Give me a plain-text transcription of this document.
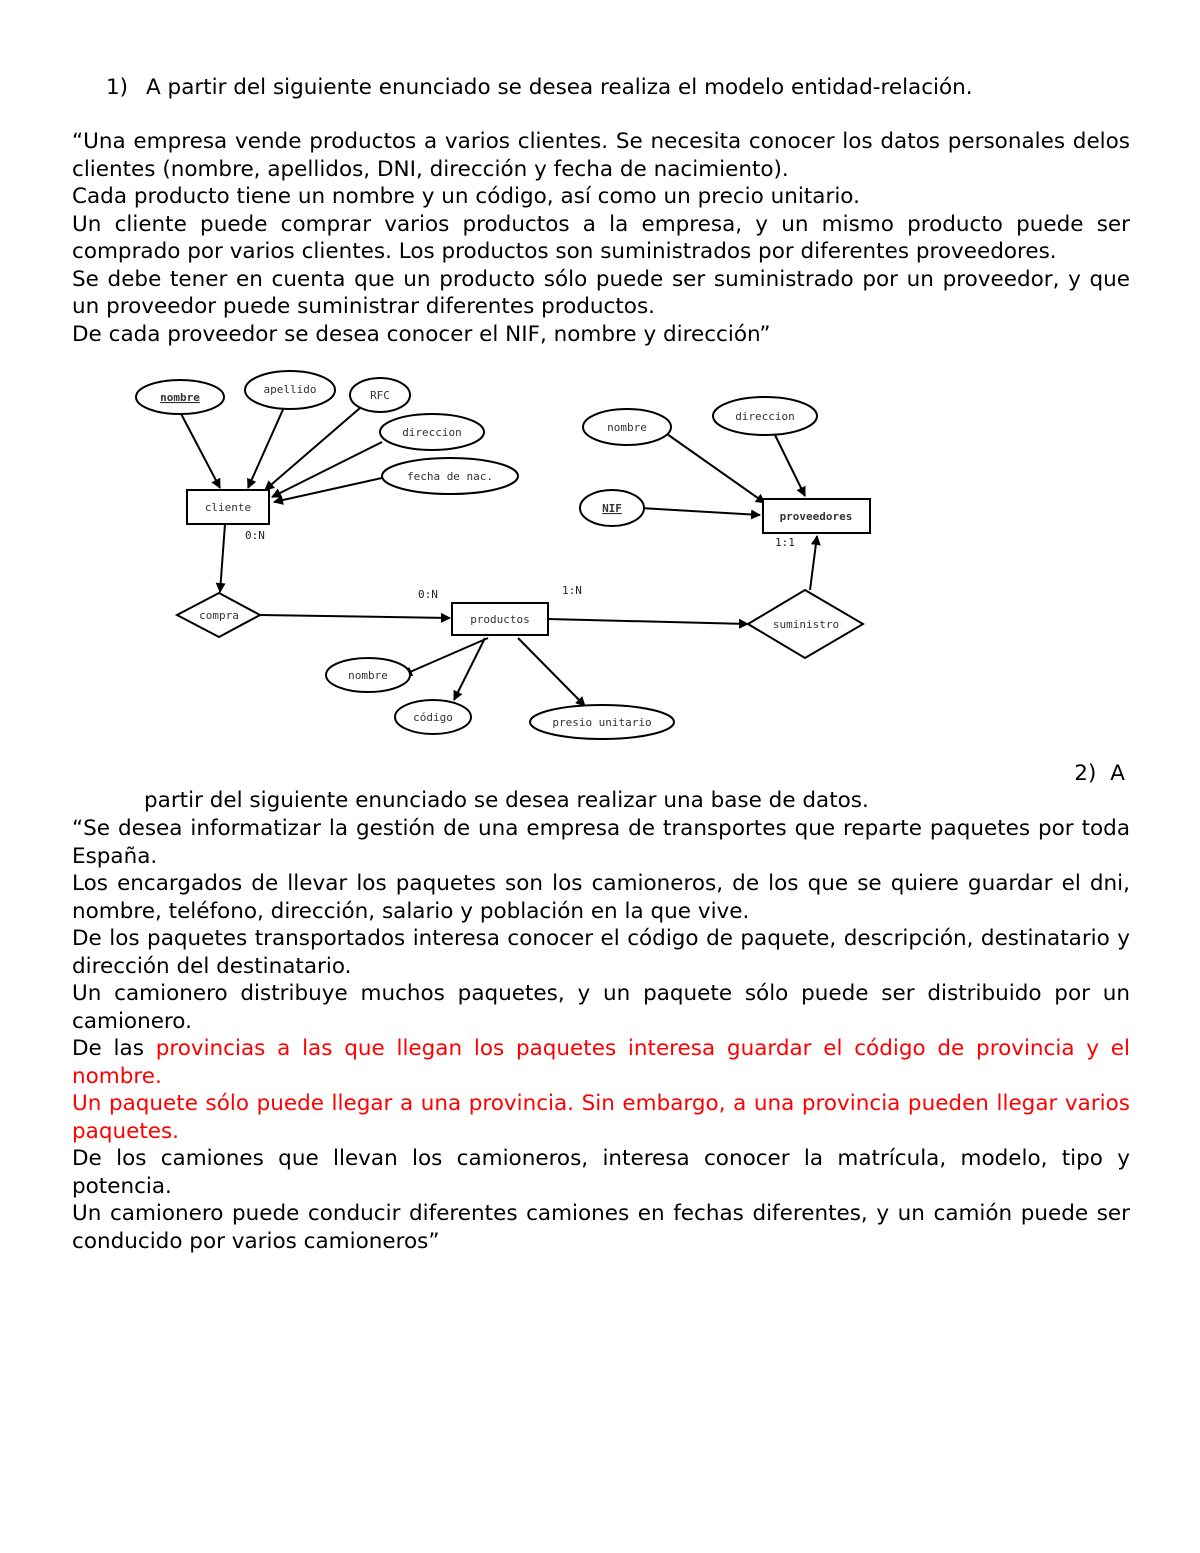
1) A partir del siguiente enunciado se desea realiza el modelo entidad-relación.

“Una empresa vende productos a varios clientes. Se necesita conocer los datos personales delos clientes (nombre, apellidos, DNI, dirección y fecha de nacimiento).

Cada producto tiene un nombre y un código, así como un precio unitario.

Un cliente puede comprar varios productos a la empresa, y un mismo producto puede ser comprado por varios clientes. Los productos son suministrados por diferentes proveedores.

Se debe tener en cuenta que un producto sólo puede ser suministrado por un proveedor, y que un proveedor puede suministrar diferentes productos.

De cada proveedor se desea conocer el NIF, nombre y dirección”

nombre
apellido	RFC
direccion
fecha de nac.
nombre
direccion
NIF
nombre
código	presio unitario
cliente
productos
proveedores
compra
suministro
0:N
0:N	1:N
1:1
2) A
partir del siguiente enunciado se desea realizar una base de datos.

“Se desea informatizar la gestión de una empresa de transportes que reparte paquetes por toda España.

Los encargados de llevar los paquetes son los camioneros, de los que se quiere guardar el dni, nombre, teléfono, dirección, salario y población en la que vive.

De los paquetes transportados interesa conocer el código de paquete, descripción, destinatario y dirección del destinatario.

Un camionero distribuye muchos paquetes, y un paquete sólo puede ser distribuido por un camionero.

De las provincias a las que llegan los paquetes interesa guardar el código de provincia y el nombre.

Un paquete sólo puede llegar a una provincia. Sin embargo, a una provincia pueden llegar varios paquetes.

De los camiones que llevan los camioneros, interesa conocer la matrícula, modelo, tipo y potencia.

Un camionero puede conducir diferentes camiones en fechas diferentes, y un camión puede ser conducido por varios camioneros”
